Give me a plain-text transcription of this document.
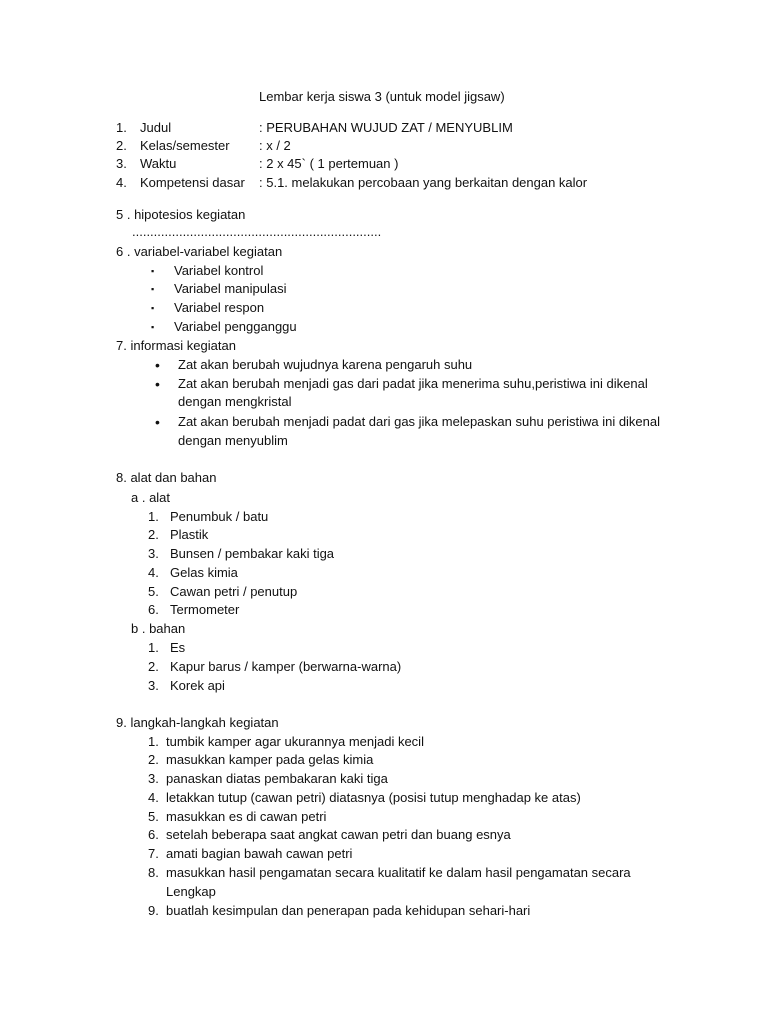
Lembar kerja siswa 3 (untuk model jigsaw)
1. Judul	: PERUBAHAN WUJUD ZAT / MENYUBLIM
2. Kelas/semester : x / 2
3. Waktu	: 2 x 45` ( 1 pertemuan )
4. Kompetensi dasar : 5.1. melakukan percobaan yang berkaitan dengan kalor
5 . hipotesios kegiatan
.....................................................................
6 . variabel-variabel kegiatan
▪ Variabel kontrol
▪ Variabel manipulasi
▪ Variabel respon
▪ Variabel pengganggu
7. informasi kegiatan
• Zat akan berubah wujudnya karena pengaruh suhu
• Zat akan berubah menjadi gas dari padat jika menerima suhu,peristiwa ini dikenal
dengan mengkristal
• Zat akan berubah menjadi padat dari gas jika melepaskan suhu peristiwa ini dikenal
dengan menyublim
8. alat dan bahan
a . alat
1. Penumbuk / batu
2. Plastik
3. Bunsen / pembakar kaki tiga
4. Gelas kimia
5. Cawan petri / penutup
6. Termometer
b . bahan
1. Es
2. Kapur barus / kamper (berwarna-warna)
3. Korek api
9. langkah-langkah kegiatan
1. tumbik kamper agar ukurannya menjadi kecil
2. masukkan kamper pada gelas kimia
3. panaskan diatas pembakaran kaki tiga
4. letakkan tutup (cawan petri) diatasnya (posisi tutup menghadap ke atas)
5. masukkan es di cawan petri
6. setelah beberapa saat angkat cawan petri dan buang esnya
7. amati bagian bawah cawan petri
8. masukkan hasil pengamatan secara kualitatif ke dalam hasil pengamatan secara
Lengkap
9. buatlah kesimpulan dan penerapan pada kehidupan sehari-hari
